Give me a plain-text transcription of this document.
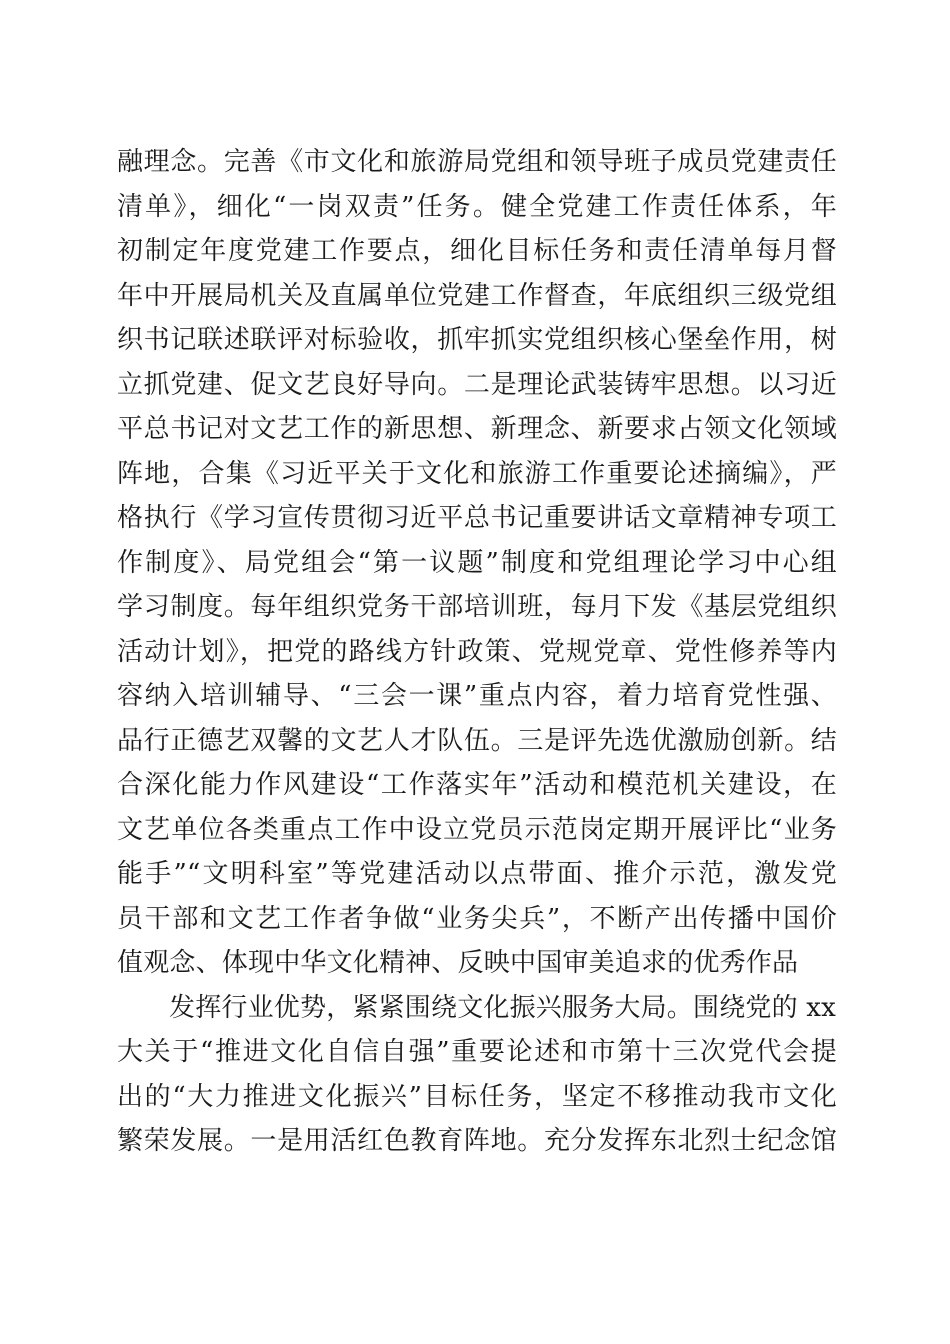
融理念。完善《市文化和旅游局党组和领导班子成员党建责任
清单》，细化“一岗双责”任务。健全党建工作责任体系，年
初制定年度党建工作要点，细化目标任务和责任清单每月督
年中开展局机关及直属单位党建工作督查，年底组织三级党组
织书记联述联评对标验收，抓牢抓实党组织核心堡垒作用，树
立抓党建、促文艺良好导向。二是理论武装铸牢思想。以习近
平总书记对文艺工作的新思想、新理念、新要求占领文化领域
阵地，合集《习近平关于文化和旅游工作重要论述摘编》，严
格执行《学习宣传贯彻习近平总书记重要讲话文章精神专项工
作制度》、局党组会“第一议题”制度和党组理论学习中心组
学习制度。每年组织党务干部培训班，每月下发《基层党组织
活动计划》，把党的路线方针政策、党规党章、党性修养等内
容纳入培训辅导、“三会一课”重点内容，着力培育党性强、
品行正德艺双馨的文艺人才队伍。三是评先选优激励创新。结
合深化能力作风建设“工作落实年”活动和模范机关建设，在
文艺单位各类重点工作中设立党员示范岗定期开展评比“业务
能手”“文明科室”等党建活动以点带面、推介示范，激发党
员干部和文艺工作者争做“业务尖兵”，不断产出传播中国价
值观念、体现中华文化精神、反映中国审美追求的优秀作品
发挥行业优势，紧紧围绕文化振兴服务大局。围绕党的 xx
大关于“推进文化自信自强”重要论述和市第十三次党代会提
出的“大力推进文化振兴”目标任务，坚定不移推动我市文化
繁荣发展。一是用活红色教育阵地。充分发挥东北烈士纪念馆
